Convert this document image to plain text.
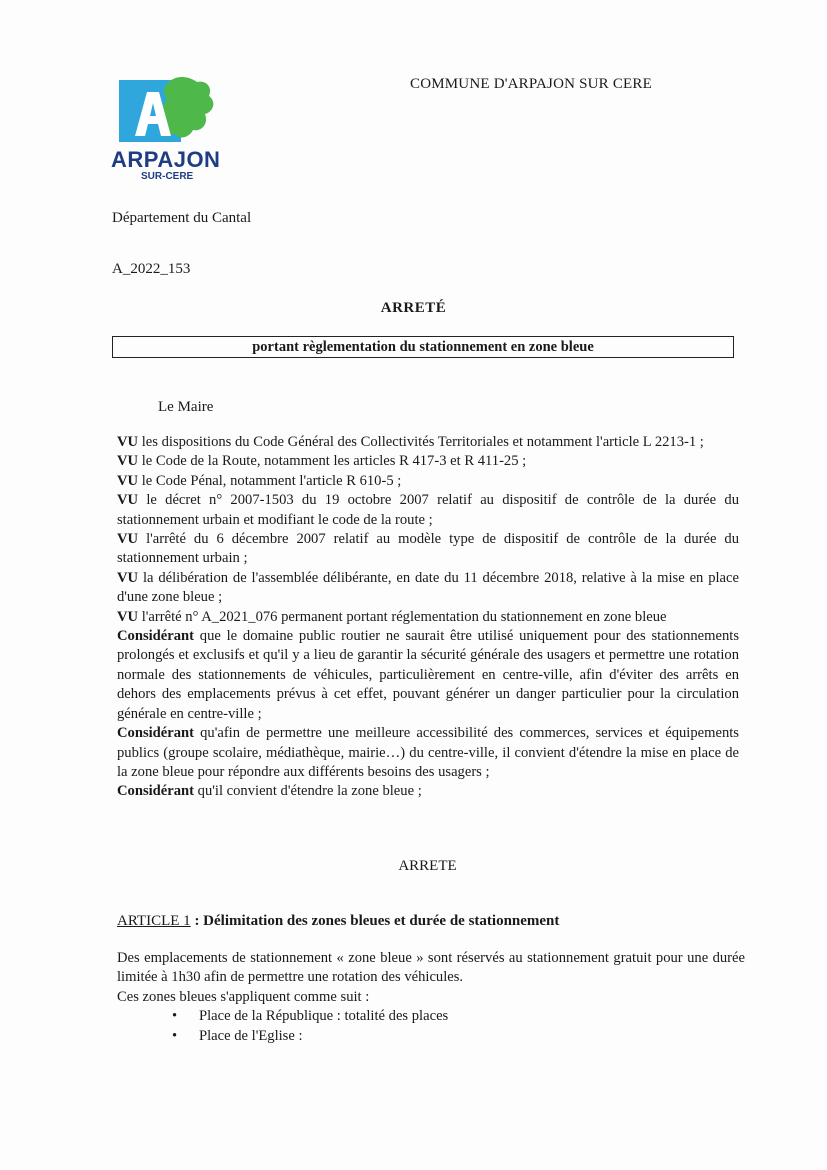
ARPAJON
SUR-CERE
COMMUNE D'ARPAJON SUR CERE
Département du Cantal
A_2022_153
ARRETÉ
portant règlementation du stationnement en zone bleue
Le Maire

VU les dispositions du Code Général des Collectivités Territoriales et notamment l'article L 2213-1 ;

VU le Code de la Route, notamment les articles R 417-3 et R 411-25 ;

VU le Code Pénal, notamment l'article R 610-5 ;

VU le décret n° 2007-1503 du 19 octobre 2007 relatif au dispositif de contrôle de la durée du stationnement urbain et modifiant le code de la route ;

VU l'arrêté du 6 décembre 2007 relatif au modèle type de dispositif de contrôle de la durée du stationnement urbain ;

VU la délibération de l'assemblée délibérante, en date du 11 décembre 2018, relative à la mise en place d'une zone bleue ;

VU l'arrêté n° A_2021_076 permanent portant réglementation du stationnement en zone bleue

Considérant que le domaine public routier ne saurait être utilisé uniquement pour des stationnements prolongés et exclusifs et qu'il y a lieu de garantir la sécurité générale des usagers et permettre une rotation normale des stationnements de véhicules, particulièrement en centre-ville, afin d'éviter des arrêts en dehors des emplacements prévus à cet effet, pouvant générer un danger particulier pour la circulation générale en centre-ville ;

Considérant qu'afin de permettre une meilleure accessibilité des commerces, services et équipements publics (groupe scolaire, médiathèque, mairie…) du centre-ville, il convient d'étendre la mise en place de la zone bleue pour répondre aux différents besoins des usagers ;

Considérant qu'il convient d'étendre la zone bleue ;

ARRETE
ARTICLE 1 : Délimitation des zones bleues et durée de stationnement

Des emplacements de stationnement « zone bleue » sont réservés au stationnement gratuit pour une durée limitée à 1h30 afin de permettre une rotation des véhicules.

Ces zones bleues s'appliquent comme suit :

• Place de la République : totalité des places
• Place de l'Eglise :
